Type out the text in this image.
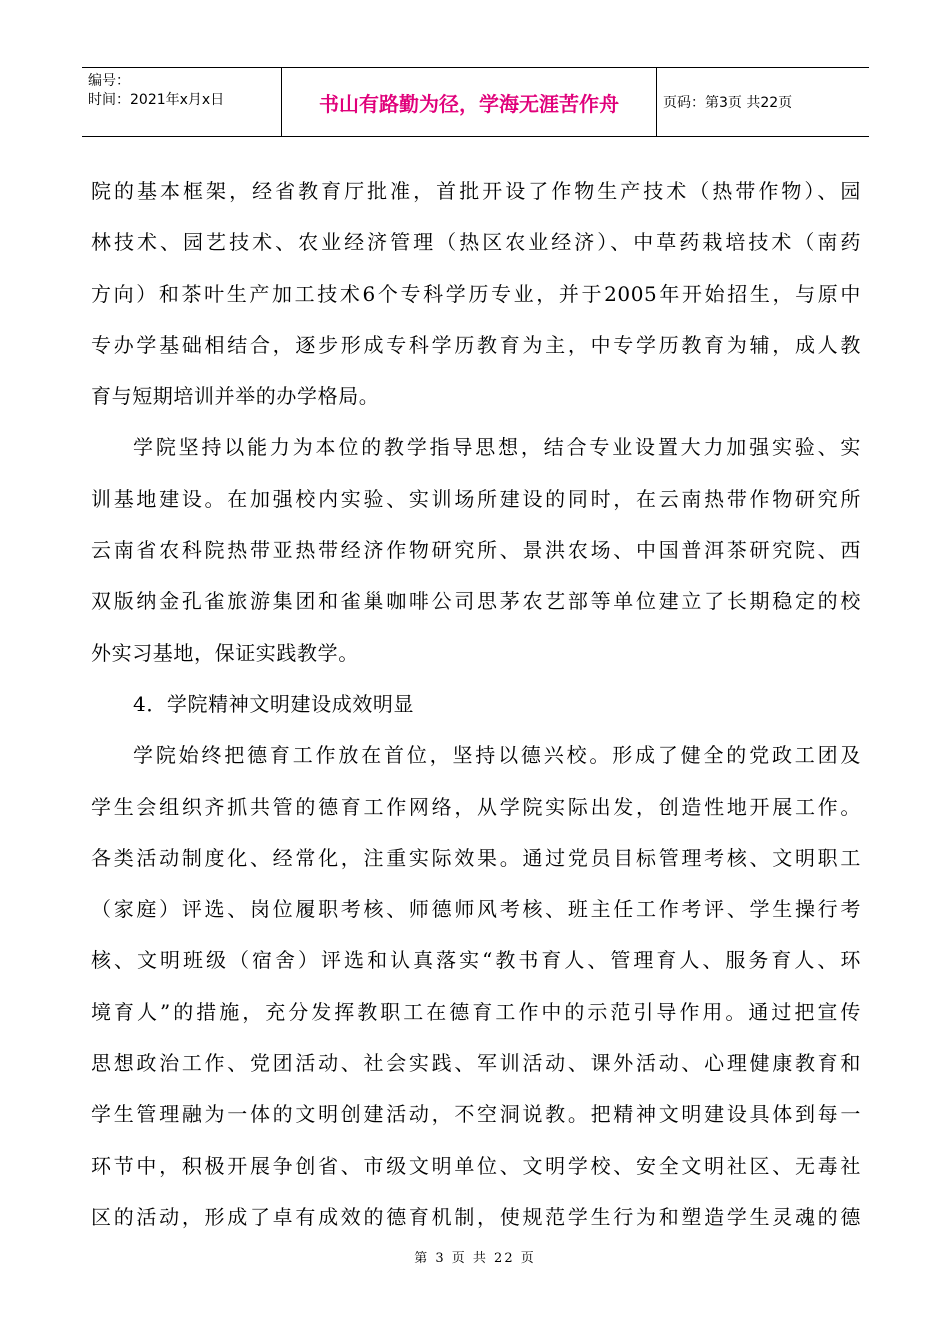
编号：
时间：2021年x月x日	书山有路勤为径，学海无涯苦作舟	页码：第3页 共22页
院的基本框架，经省教育厅批准，首批开设了作物生产技术（热带作物）、园
林技术、园艺技术、农业经济管理（热区农业经济）、中草药栽培技术（南药
方向）和茶叶生产加工技术6个专科学历专业，并于2005年开始招生，与原中
专办学基础相结合，逐步形成专科学历教育为主，中专学历教育为辅，成人教
育与短期培训并举的办学格局。
学院坚持以能力为本位的教学指导思想，结合专业设置大力加强实验、实
训基地建设。在加强校内实验、实训场所建设的同时，在云南热带作物研究所
云南省农科院热带亚热带经济作物研究所、景洪农场、中国普洱茶研究院、西
双版纳金孔雀旅游集团和雀巢咖啡公司思茅农艺部等单位建立了长期稳定的校
外实习基地，保证实践教学。
4．学院精神文明建设成效明显
学院始终把德育工作放在首位，坚持以德兴校。形成了健全的党政工团及
学生会组织齐抓共管的德育工作网络，从学院实际出发，创造性地开展工作。
各类活动制度化、经常化，注重实际效果。通过党员目标管理考核、文明职工
（家庭）评选、岗位履职考核、师德师风考核、班主任工作考评、学生操行考
核、文明班级（宿舍）评选和认真落实“教书育人、管理育人、服务育人、环
境育人”的措施，充分发挥教职工在德育工作中的示范引导作用。通过把宣传
思想政治工作、党团活动、社会实践、军训活动、课外活动、心理健康教育和
学生管理融为一体的文明创建活动，不空洞说教。把精神文明建设具体到每一
环节中，积极开展争创省、市级文明单位、文明学校、安全文明社区、无毒社
区的活动，形成了卓有成效的德育机制，使规范学生行为和塑造学生灵魂的德
第 3 页 共 22 页
